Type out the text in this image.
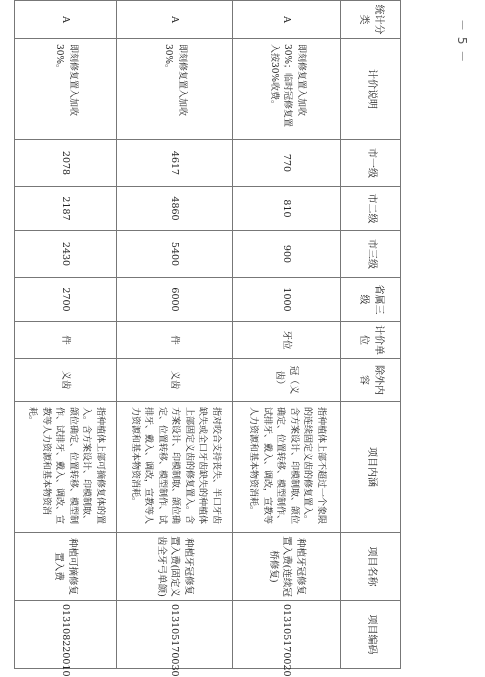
－ 5 －
统计分类	计价说明	市一级	市二级	市三级	省属三级	计价单位	除外内容	项目内涵	项目名称	项目编码
A	即刻修复置入加收30%；临时冠修复置入按30%收费。	770	810	900	1000	牙位	冠（义齿）	指种植体上部不超过一个象限的连续固定义齿的修复置入。含方案设计、印模制取、颌位确定、位置转移、模型制作、试排牙、戴入、调改，宣教等人力资源和基本物资消耗。	种植牙冠修复置入费(连续冠桥修复)	013105170020
A	即刻修复置入加收30%。	4617	4860	5400	6000	件	义齿	指对咬合支持丧失、半口牙齿缺失或全口牙齿缺失的种植体上部固定义齿的修复置入。含方案设计、印模制取、颌位确定、位置转移、模型制作、试排牙、戴入、调改，宣教等人力资源和基本物资消耗。	种植牙冠修复置入费(固定义齿全牙弓单颌)	013105170030
A	即刻修复置入加收30%。	2078	2187	2430	2700	件	义齿	指种植体上部可摘修复体的置入。含方案设计、印模制取、颌位确定、位置转移、模型制作、试排牙、戴入、调改、宣教等人力资源和基本物资消耗。	种植可摘修复置入费	013108220010
